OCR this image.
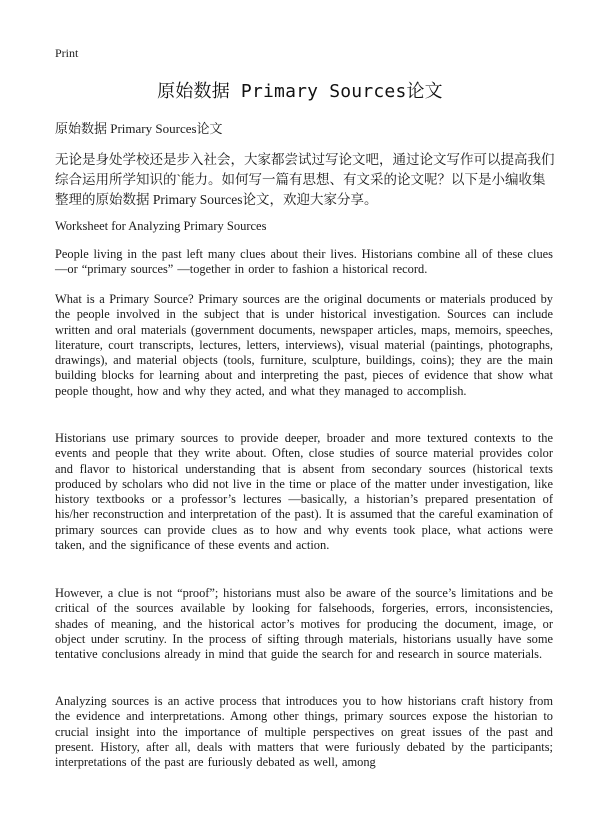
Print
原始数据 Primary Sources论文
原始数据 Primary Sources论文

无论是身处学校还是步入社会，大家都尝试过写论文吧，通过论文写作可以提高我们综合运用所学知识的`能力。如何写一篇有思想、有文采的论文呢？以下是小编收集整理的原始数据 Primary Sources论文，欢迎大家分享。

Worksheet for Analyzing Primary Sources

People living in the past left many clues about their lives. Historians combine all of these clues —or “primary sources” —together in order to fashion a historical record.

What is a Primary Source? Primary sources are the original documents or materials produced by the people involved in the subject that is under historical investigation. Sources can include written and oral materials (government documents, newspaper articles, maps, memoirs, speeches, literature, court transcripts, lectures, letters, interviews), visual material (paintings, photographs, drawings), and material objects (tools, furniture, sculpture, buildings, coins); they are the main building blocks for learning about and interpreting the past, pieces of evidence that show what people thought, how and why they acted, and what they managed to accomplish.

Historians use primary sources to provide deeper, broader and more textured contexts to the events and people that they write about. Often, close studies of source material provides color and flavor to historical understanding that is absent from secondary sources (historical texts produced by scholars who did not live in the time or place of the matter under investigation, like history textbooks or a professor’s lectures —basically, a historian’s prepared presentation of his/her reconstruction and interpretation of the past). It is assumed that the careful examination of primary sources can provide clues as to how and why events took place, what actions were taken, and the significance of these events and action.

However, a clue is not “proof”; historians must also be aware of the source’s limitations and be critical of the sources available by looking for falsehoods, forgeries, errors, inconsistencies, shades of meaning, and the historical actor’s motives for producing the document, image, or object under scrutiny. In the process of sifting through materials, historians usually have some tentative conclusions already in mind that guide the search for and research in source materials.

Analyzing sources is an active process that introduces you to how historians craft history from the evidence and interpretations. Among other things, primary sources expose the historian to crucial insight into the importance of multiple perspectives on great issues of the past and present. History, after all, deals with matters that were furiously debated by the participants; interpretations of the past are furiously debated as well, among
